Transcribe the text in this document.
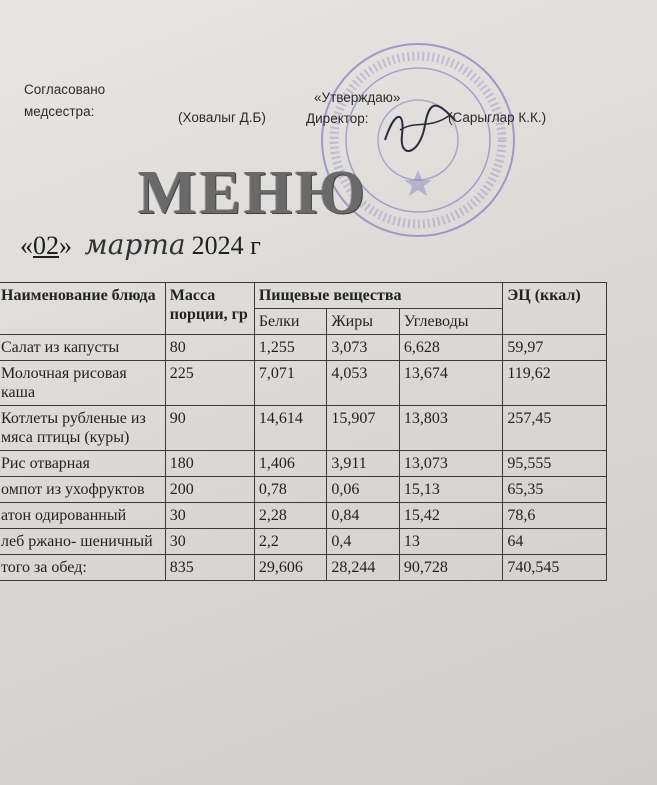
Согласовано
медсестра:	(Ховалыг Д.Б)
«Утверждаю»
Директор:	(Сарыглар К.К.)
МЕНЮ
«02» марта 2024 г
Наименование блюда	Масса порции, гр	Пищевые вещества			ЭЦ (ккал)
		Белки	Жиры	Углеводы	
Салат из капусты	80	1,255	3,073	6,628	59,97
Молочная рисовая каша	225	7,071	4,053	13,674	119,62
Котлеты рубленые из мяса птицы (куры)	90	14,614	15,907	13,803	257,45
Рис отварная	180	1,406	3,911	13,073	95,555
омпот из ухофруктов	200	0,78	0,06	15,13	65,35
атон одированный	30	2,28	0,84	15,42	78,6
леб ржано- шеничный	30	2,2	0,4	13	64
того за обед:	835	29,606	28,244	90,728	740,545
